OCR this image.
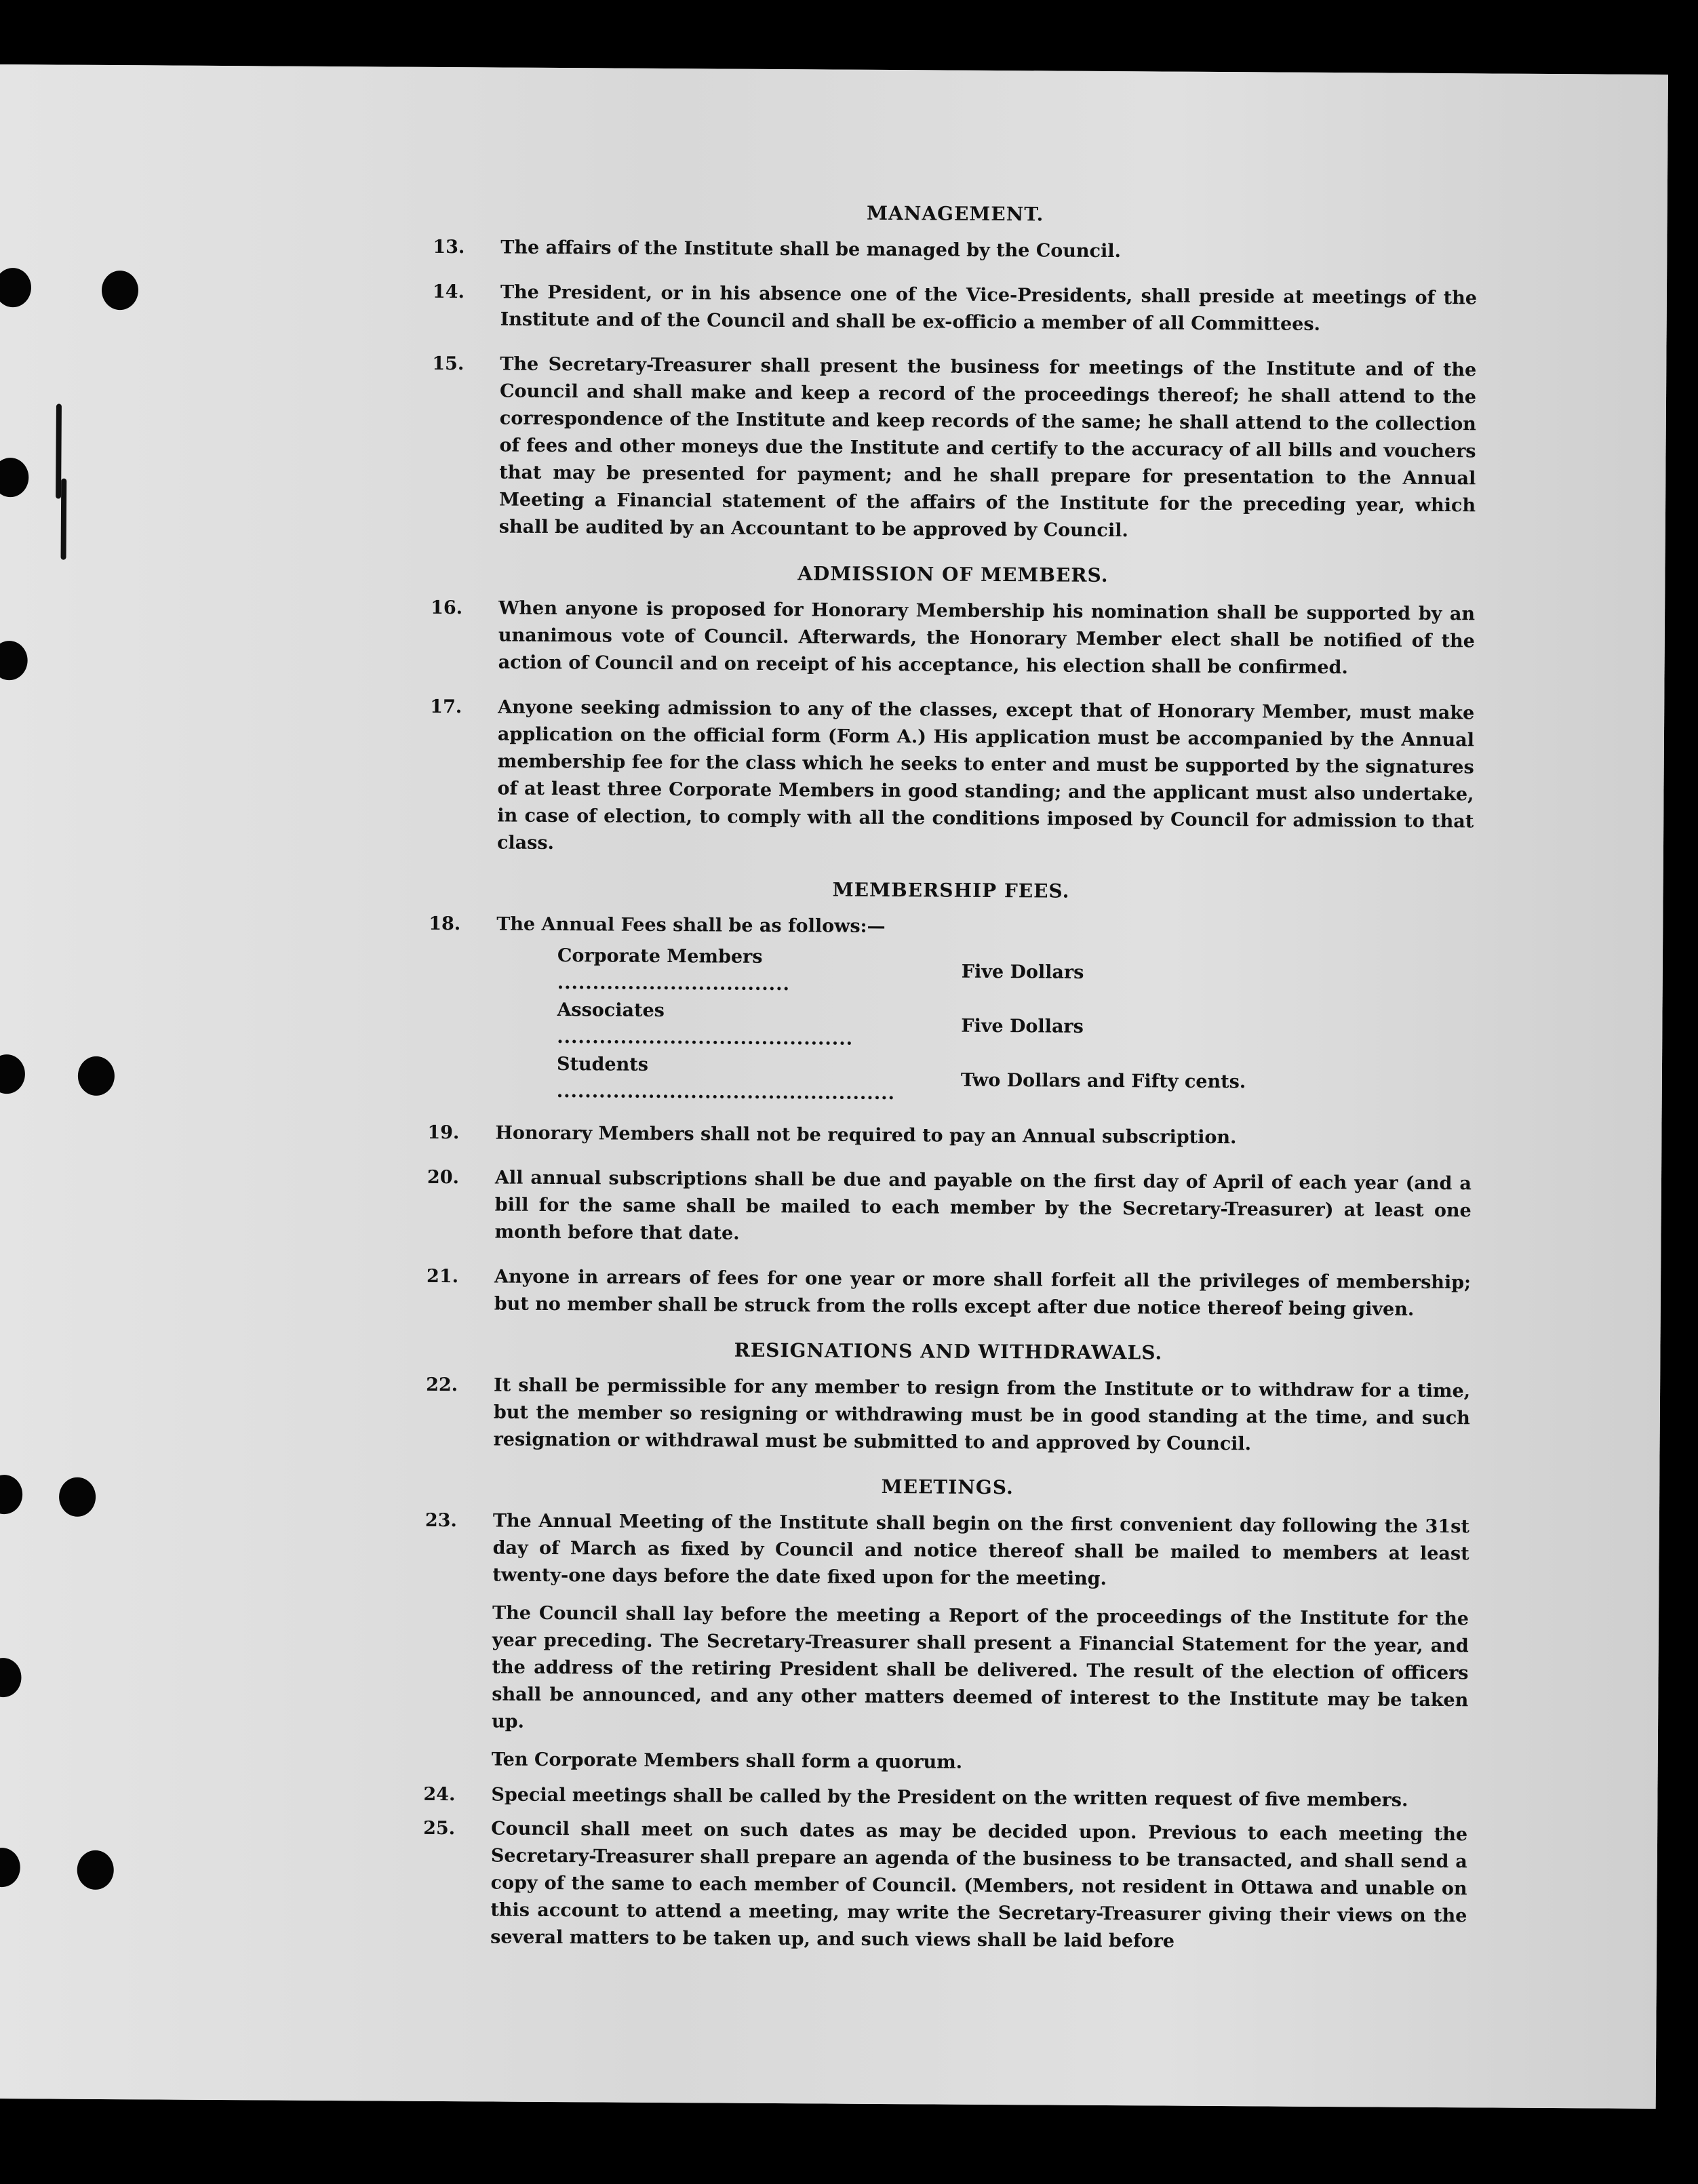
MANAGEMENT.
13.	The affairs of the Institute shall be managed by the Council.
14.	The President, or in his absence one of the Vice-Presidents, shall preside at meetings of the Institute and of the Council and shall be ex-officio a member of all Committees.
15.	The Secretary-Treasurer shall present the business for meetings of the Institute and of the Council and shall make and keep a record of the proceedings thereof; he shall attend to the correspondence of the Institute and keep records of the same; he shall attend to the collection of fees and other moneys due the Institute and certify to the accuracy of all bills and vouchers that may be presented for payment; and he shall prepare for presentation to the Annual Meeting a Financial statement of the affairs of the Institute for the preceding year, which shall be audited by an Accountant to be approved by Council.
ADMISSION OF MEMBERS.
16.	When anyone is proposed for Honorary Membership his nomination shall be supported by an unanimous vote of Council. Afterwards, the Honorary Member elect shall be notified of the action of Council and on receipt of his acceptance, his election shall be confirmed.
17.	Anyone seeking admission to any of the classes, except that of Honorary Member, must make application on the official form (Form A.) His application must be accompanied by the Annual membership fee for the class which he seeks to enter and must be supported by the signatures of at least three Corporate Members in good standing; and the applicant must also undertake, in case of election, to comply with all the conditions imposed by Council for admission to that class.
MEMBERSHIP FEES.
18.	The Annual Fees shall be as follows:—
Corporate Members .................................	Five Dollars
Associates ..........................................	Five Dollars
Students ................................................	Two Dollars and Fifty cents.
19.	Honorary Members shall not be required to pay an Annual subscription.
20.	All annual subscriptions shall be due and payable on the first day of April of each year (and a bill for the same shall be mailed to each member by the Secretary-Treasurer) at least one month before that date.
21.	Anyone in arrears of fees for one year or more shall forfeit all the privileges of membership; but no member shall be struck from the rolls except after due notice thereof being given.
RESIGNATIONS AND WITHDRAWALS.
22.	It shall be permissible for any member to resign from the Institute or to withdraw for a time, but the member so resigning or withdrawing must be in good standing at the time, and such resignation or withdrawal must be submitted to and approved by Council.
MEETINGS.
23.	The Annual Meeting of the Institute shall begin on the first convenient day following the 31st day of March as fixed by Council and notice thereof shall be mailed to members at least twenty-one days before the date fixed upon for the meeting.
The Council shall lay before the meeting a Report of the proceedings of the Institute for the year preceding. The Secretary-Treasurer shall present a Financial Statement for the year, and the address of the retiring President shall be delivered. The result of the election of officers shall be announced, and any other matters deemed of interest to the Institute may be taken up.
Ten Corporate Members shall form a quorum.
24.	Special meetings shall be called by the President on the written request of five members.
25.	Council shall meet on such dates as may be decided upon. Previous to each meeting the Secretary-Treasurer shall prepare an agenda of the business to be transacted, and shall send a copy of the same to each member of Council. (Members, not resident in Ottawa and unable on this account to attend a meeting, may write the Secretary-Treasurer giving their views on the several matters to be taken up, and such views shall be laid before
